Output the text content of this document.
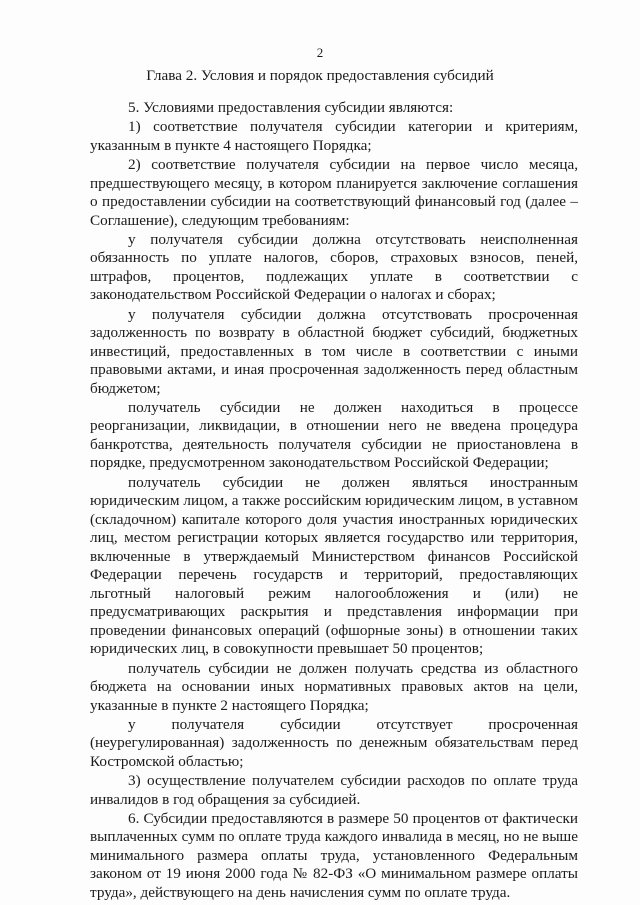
2
Глава 2. Условия и порядок предоставления субсидий

5. Условиями предоставления субсидии являются:

1) соответствие получателя субсидии категории и критериям, указанным в пункте 4 настоящего Порядка;

2) соответствие получателя субсидии на первое число месяца, предшествующего месяцу, в котором планируется заключение соглашения о предоставлении субсидии на соответствующий финансовый год (далее – Соглашение), следующим требованиям:

у получателя субсидии должна отсутствовать неисполненная обязанность по уплате налогов, сборов, страховых взносов, пеней, штрафов, процентов, подлежащих уплате в соответствии с законодательством Российской Федерации о налогах и сборах;

у получателя субсидии должна отсутствовать просроченная задолженность по возврату в областной бюджет субсидий, бюджетных инвестиций, предоставленных в том числе в соответствии с иными правовыми актами, и иная просроченная задолженность перед областным бюджетом;

получатель субсидии не должен находиться в процессе реорганизации, ликвидации, в отношении него не введена процедура банкротства, деятельность получателя субсидии не приостановлена в порядке, предусмотренном законодательством Российской Федерации;

получатель субсидии не должен являться иностранным юридическим лицом, а также российским юридическим лицом, в уставном (складочном) капитале которого доля участия иностранных юридических лиц, местом регистрации которых является государство или территория, включенные в утверждаемый Министерством финансов Российской Федерации перечень государств и территорий, предоставляющих льготный налоговый режим налогообложения и (или) не предусматривающих раскрытия и представления информации при проведении финансовых операций (офшорные зоны) в отношении таких юридических лиц, в совокупности превышает 50 процентов;

получатель субсидии не должен получать средства из областного бюджета на основании иных нормативных правовых актов на цели, указанные в пункте 2 настоящего Порядка;

у получателя субсидии отсутствует просроченная (неурегулированная) задолженность по денежным обязательствам перед Костромской областью;

3) осуществление получателем субсидии расходов по оплате труда инвалидов в год обращения за субсидией.

6. Субсидии предоставляются в размере 50 процентов от фактически выплаченных сумм по оплате труда каждого инвалида в месяц, но не выше минимального размера оплаты труда, установленного Федеральным законом от 19 июня 2000 года № 82-ФЗ «О минимальном размере оплаты труда», действующего на день начисления сумм по оплате труда.
